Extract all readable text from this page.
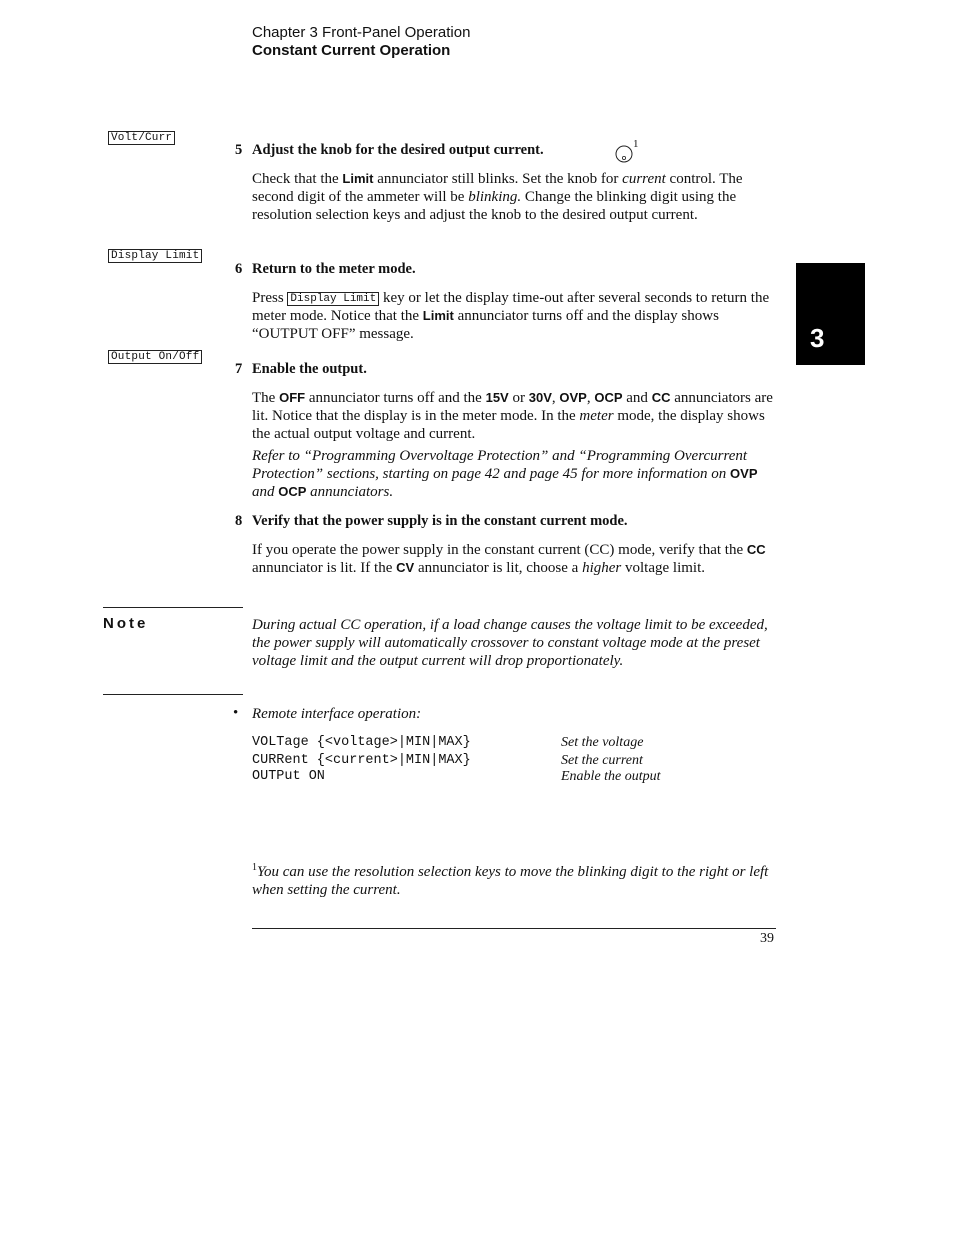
Chapter 3 Front-Panel Operation
Constant Current Operation
3
Volt/Curr
Display Limit
Output On/Off
5 Adjust the knob for the desired output current.	1
Check that the Limit annunciator still blinks. Set the knob for current control. The second digit of the ammeter will be blinking. Change the blinking digit using the resolution selection keys and adjust the knob to the desired output current.
6 Return to the meter mode.
Press Display Limit key or let the display time-out after several seconds to return the meter mode. Notice that the Limit annunciator turns off and the display shows “OUTPUT OFF” message.
7 Enable the output.
The OFF annunciator turns off and the 15V or 30V, OVP, OCP and CC annunciators are lit. Notice that the display is in the meter mode. In the meter mode, the display shows the actual output voltage and current.
Refer to “Programming Overvoltage Protection” and “Programming Overcurrent Protection” sections, starting on page 42 and page 45 for more information on OVP and OCP annunciators.
8 Verify that the power supply is in the constant current mode.
If you operate the power supply in the constant current (CC) mode, verify that the CC annunciator is lit. If the CV annunciator is lit, choose a higher voltage limit.
Note	During actual CC operation, if a load change causes the voltage limit to be exceeded, the power supply will automatically crossover to constant voltage mode at the preset voltage limit and the output current will drop proportionately.
• Remote interface operation:
VOLTage {<voltage>|MIN|MAX}	Set the voltage
CURRent {<current>|MIN|MAX}	Set the current
OUTPut ON	Enable the output
$^1$You can use the resolution selection keys to move the blinking digit to the right or left when setting the current.
39
